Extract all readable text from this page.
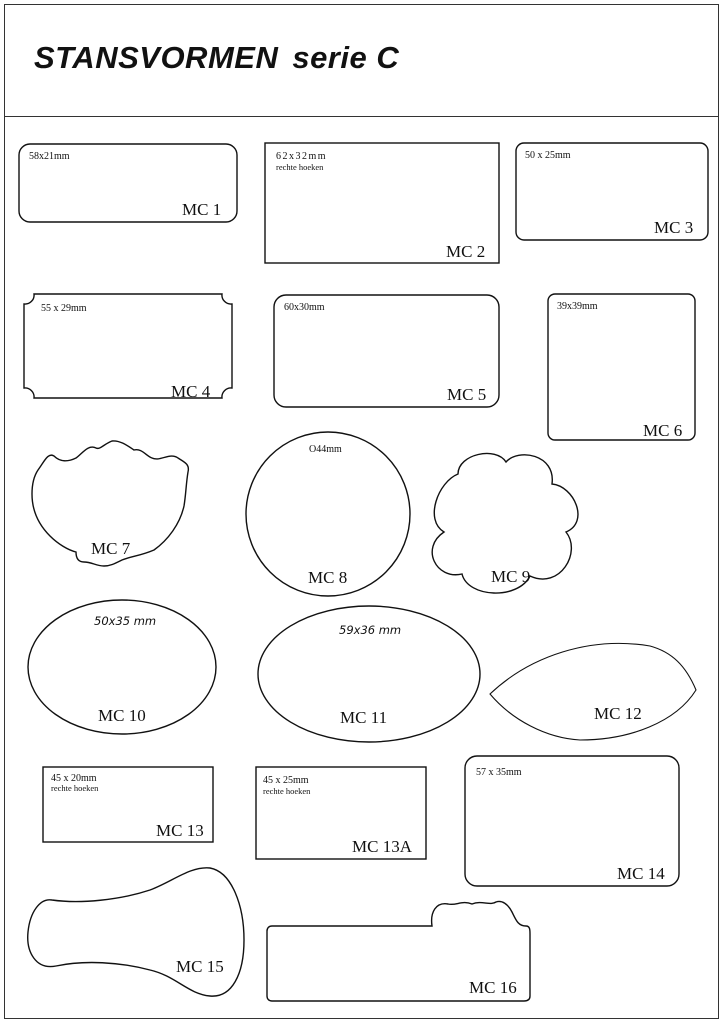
STANSVORMEN serie C
58x21mm
MC 1
62x32mm
rechte hoeken
MC 2
50 x 25mm
MC 3
55 x 29mm
MC 4
60x30mm
MC 5
39x39mm
MC 6
MC 7
O44mm
MC 8	MC 9
50x35 mm
MC 10
59x36 mm
MC 11	MC 12
45 x 20mm
rechte hoeken
MC 13
45 x 25mm
rechte hoeken
MC 13A
57 x 35mm
MC 14
MC 15
MC 16
